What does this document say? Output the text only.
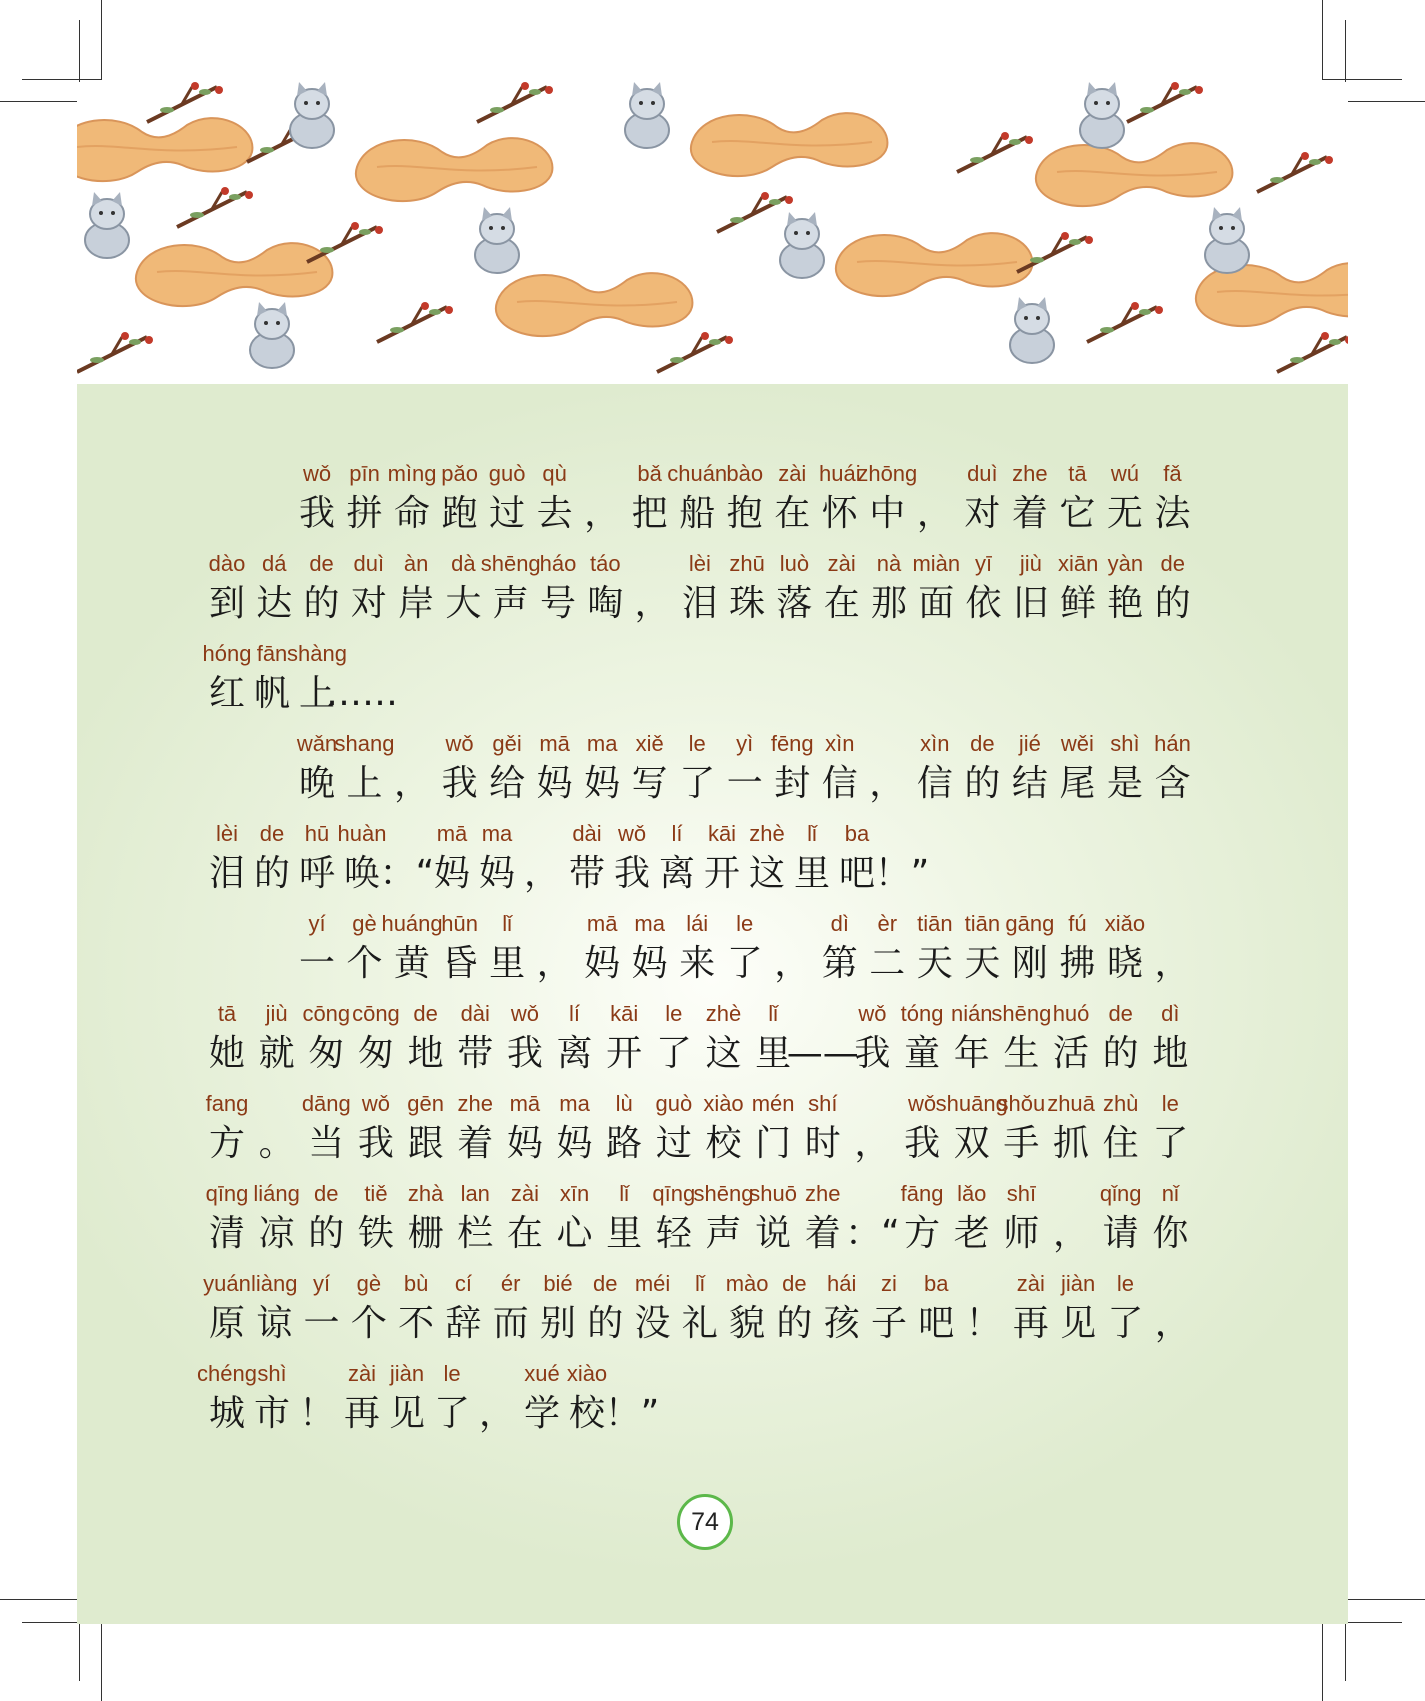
wǒ
我
pīn
拼
mìng
命
pǎo
跑
guò
过
qù
去 ，
bǎ
把
chuán
船
bào
抱
zài
在
huái
怀
zhōng
中 ，
duì
对
zhe
着
tā
它
wú
无
fǎ
法
dào
到
dá
达
de
的
duì
对
àn
岸
dà
大
shēng
声
háo
号
táo
啕 ，
lèi
泪
zhū
珠
luò
落
zài
在
nà
那
miàn
面
yī
依
jiù
旧
xiān
鲜
yàn
艳
de
的
hóng
红
fān
帆
shàng
上
……
wǎn
晚
shang
上 ，
wǒ
我
gěi
给
mā
妈
ma
妈
xiě
写
le
了
yì
一
fēng
封
xìn
信 ，
xìn
信
de
的
jié
结
wěi
尾
shì
是
hán
含
lèi
泪
de
的
hū
呼
huàn
唤 ：“
mā
妈
ma
妈 ，
dài
带
wǒ
我
lí
离
kāi
开
zhè
这
lǐ
里
ba
吧 ！”
yí
一
gè
个
huáng
黄
hūn
昏
lǐ
里 ，
mā
妈
ma
妈
lái
来
le
了 ，
dì
第
èr
二
tiān
天
tiān
天
gāng
刚
fú
拂
xiǎo
晓 ，
tā
她
jiù
就
cōng
匆
cōng
匆
de
地
dài
带
wǒ
我
lí
离
kāi
开
le
了
zhè
这
lǐ
里
——
wǒ
我
tóng
童
nián
年
shēng
生
huó
活
de
的
dì
地
fang
方 。
dāng
当
wǒ
我
gēn
跟
zhe
着
mā
妈
ma
妈
lù
路
guò
过
xiào
校
mén
门
shí
时 ，
wǒ
我
shuāng
双
shǒu
手
zhuā
抓
zhù
住
le
了
qīng
清
liáng
凉
de
的
tiě
铁
zhà
栅
lan
栏
zài
在
xīn
心
lǐ
里
qīng
轻
shēng
声
shuō
说
zhe
着 ：“
fāng
方
lǎo
老
shī
师 ，
qǐng
请
nǐ
你
yuán
原
liàng
谅
yí
一
gè
个
bù
不
cí
辞
ér
而
bié
别
de
的
méi
没
lǐ
礼
mào
貌
de
的
hái
孩
zi
子
ba
吧 ！
zài
再
jiàn
见
le
了 ，
chéng
城
shì
市 ！
zài
再
jiàn
见
le
了 ，
xué
学
xiào
校 ！”
74
